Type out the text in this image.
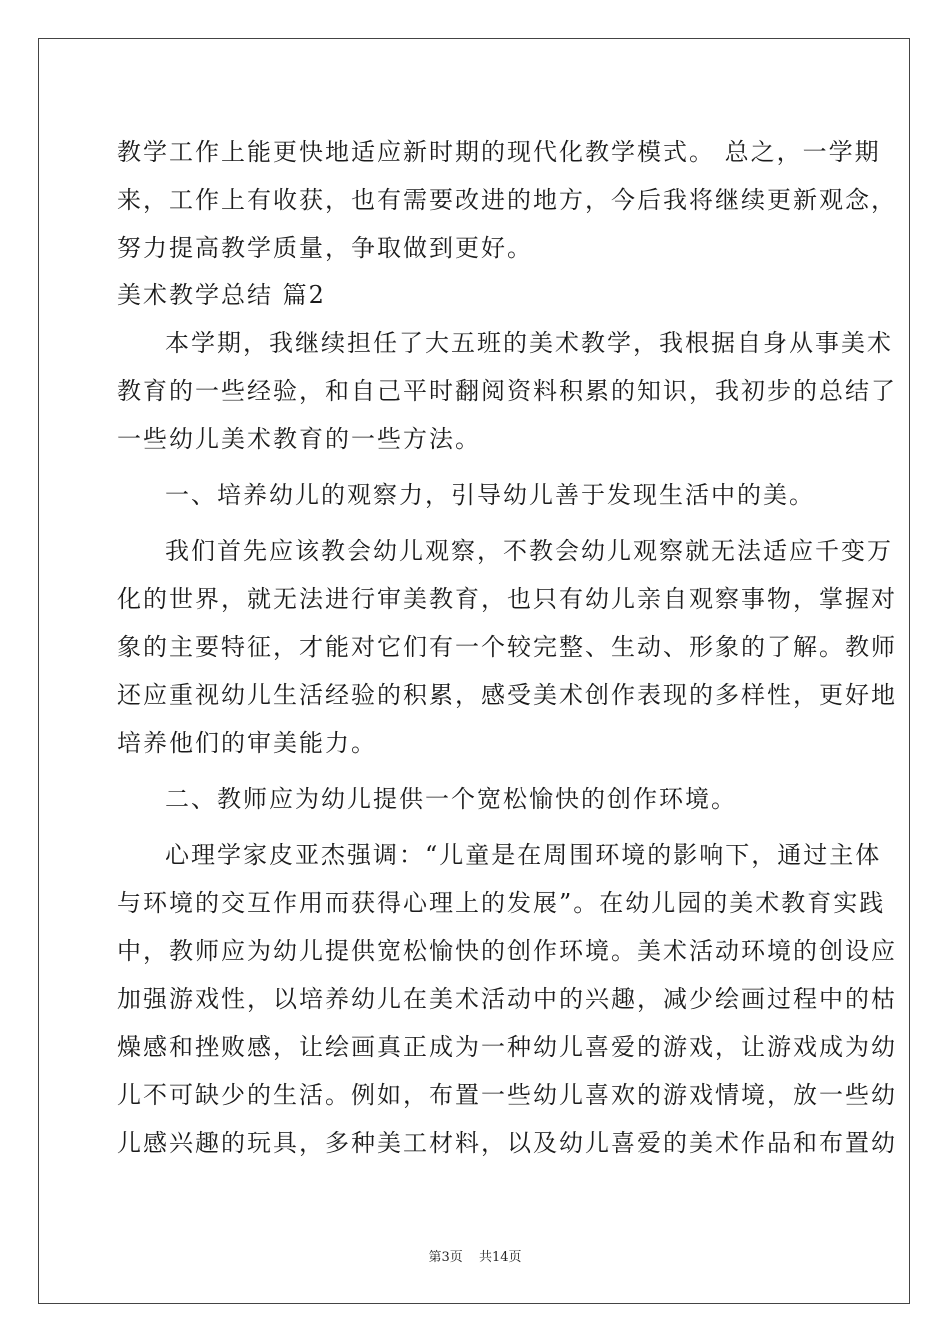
教学工作上能更快地适应新时期的现代化教学模式。 总之，一学期
来，工作上有收获，也有需要改进的地方，今后我将继续更新观念，
努力提高教学质量，争取做到更好。
美术教学总结 篇2
本学期，我继续担任了大五班的美术教学，我根据自身从事美术
教育的一些经验，和自己平时翻阅资料积累的知识，我初步的总结了
一些幼儿美术教育的一些方法。
一、培养幼儿的观察力，引导幼儿善于发现生活中的美。
我们首先应该教会幼儿观察，不教会幼儿观察就无法适应千变万
化的世界，就无法进行审美教育，也只有幼儿亲自观察事物，掌握对
象的主要特征，才能对它们有一个较完整、生动、形象的了解。教师
还应重视幼儿生活经验的积累，感受美术创作表现的多样性，更好地
培养他们的审美能力。
二、教师应为幼儿提供一个宽松愉快的创作环境。
心理学家皮亚杰强调：“儿童是在周围环境的影响下，通过主体
与环境的交互作用而获得心理上的发展”。在幼儿园的美术教育实践
中，教师应为幼儿提供宽松愉快的创作环境。美术活动环境的创设应
加强游戏性，以培养幼儿在美术活动中的兴趣，减少绘画过程中的枯
燥感和挫败感，让绘画真正成为一种幼儿喜爱的游戏，让游戏成为幼
儿不可缺少的生活。例如，布置一些幼儿喜欢的游戏情境，放一些幼
儿感兴趣的玩具，多种美工材料，以及幼儿喜爱的美术作品和布置幼
第3页 共14页
